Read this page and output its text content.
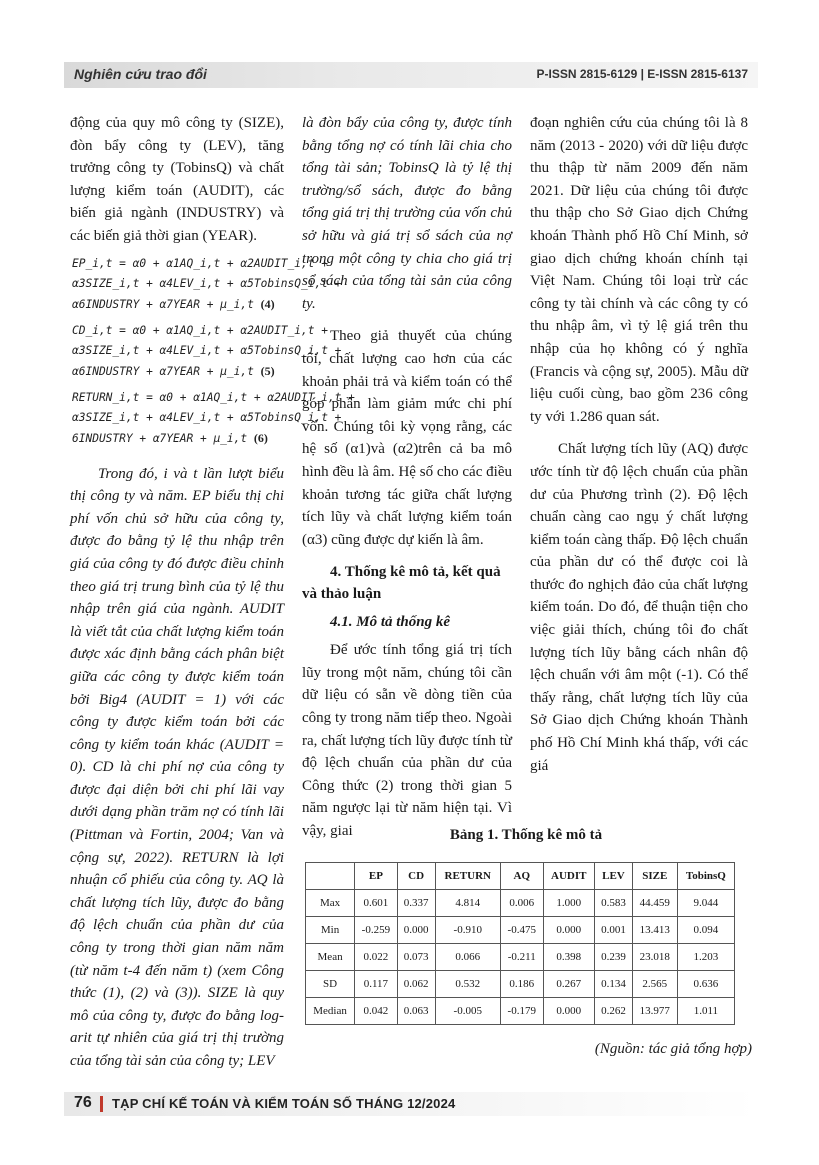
Nghiên cứu trao đổi	P-ISSN 2815-6129 | E-ISSN 2815-6137

động của quy mô công ty (SIZE), đòn bẩy công ty (LEV), tăng trưởng công ty (TobinsQ) và chất lượng kiểm toán (AUDIT), các biến giả ngành (INDUSTRY) và các biến giả thời gian (YEAR).

EP_i,t = α0 + α1AQ_i,t + α2AUDIT_i,t +
α3SIZE_i,t + α4LEV_i,t + α5TobinsQ_i,t +
α6INDUSTRY + α7YEAR + μ_i,t (4)
CD_i,t = α0 + α1AQ_i,t + α2AUDIT_i,t +
α3SIZE_i,t + α4LEV_i,t + α5TobinsQ_i,t +
α6INDUSTRY + α7YEAR + μ_i,t (5)
RETURN_i,t = α0 + α1AQ_i,t + α2AUDIT_i,t +
α3SIZE_i,t + α4LEV_i,t + α5TobinsQ_i,t +
6INDUSTRY + α7YEAR + μ_i,t (6)

Trong đó, i và t lần lượt biểu thị công ty và năm. EP biểu thị chi phí vốn chủ sở hữu của công ty, được đo bằng tỷ lệ thu nhập trên giá của công ty đó được điều chỉnh theo giá trị trung bình của tỷ lệ thu nhập trên giá của ngành. AUDIT là viết tắt của chất lượng kiểm toán được xác định bằng cách phân biệt giữa các công ty được kiểm toán bởi Big4 (AUDIT = 1) với các công ty được kiểm toán bởi các công ty kiểm toán khác (AUDIT = 0). CD là chi phí nợ của công ty được đại diện bởi chi phí lãi vay dưới dạng phần trăm nợ có tính lãi (Pittman và Fortin, 2004; Van và cộng sự, 2022). RETURN là lợi nhuận cổ phiếu của công ty. AQ là chất lượng tích lũy, được đo bằng độ lệch chuẩn của phần dư của công ty trong thời gian năm năm (từ năm t-4 đến năm t) (xem Công thức (1), (2) và (3)). SIZE là quy mô của công ty, được đo bằng log-arit tự nhiên của giá trị thị trường của tổng tài sản của công ty; LEV

là đòn bẩy của công ty, được tính bằng tổng nợ có tính lãi chia cho tổng tài sản; TobinsQ là tỷ lệ thị trường/sổ sách, được đo bằng tổng giá trị thị trường của vốn chủ sở hữu và giá trị sổ sách của nợ trong một công ty chia cho giá trị sổ sách của tổng tài sản của công ty.

Theo giả thuyết của chúng tôi, chất lượng cao hơn của các khoản phải trả và kiểm toán có thể góp phần làm giảm mức chi phí vốn. Chúng tôi kỳ vọng rằng, các hệ số (α1)và (α2)trên cả ba mô hình đều là âm. Hệ số cho các điều khoản tương tác giữa chất lượng tích lũy và chất lượng kiểm toán (α3) cũng được dự kiến là âm.

4. Thống kê mô tả, kết quả và thảo luận
4.1. Mô tả thống kê

Để ước tính tổng giá trị tích lũy trong một năm, chúng tôi cần dữ liệu có sẵn về dòng tiền của công ty trong năm tiếp theo. Ngoài ra, chất lượng tích lũy được tính từ độ lệch chuẩn của phần dư của Công thức (2) trong thời gian 5 năm ngược lại từ năm hiện tại. Vì vậy, giai

đoạn nghiên cứu của chúng tôi là 8 năm (2013 - 2020) với dữ liệu được thu thập từ năm 2009 đến năm 2021. Dữ liệu của chúng tôi được thu thập cho Sở Giao dịch Chứng khoán Thành phố Hồ Chí Minh, sở giao dịch chứng khoán chính tại Việt Nam. Chúng tôi loại trừ các công ty tài chính và các công ty có thu nhập âm, vì tỷ lệ giá trên thu nhập của họ không có ý nghĩa (Francis và cộng sự, 2005). Mẫu dữ liệu cuối cùng, bao gồm 236 công ty với 1.286 quan sát.

Chất lượng tích lũy (AQ) được ước tính từ độ lệch chuẩn của phần dư của Phương trình (2). Độ lệch chuẩn càng cao ngụ ý chất lượng kiểm toán càng thấp. Độ lệch chuẩn của phần dư có thể được coi là thước đo nghịch đảo của chất lượng kiểm toán. Do đó, để thuận tiện cho việc giải thích, chúng tôi đo chất lượng tích lũy bằng cách nhân độ lệch chuẩn với âm một (-1). Có thể thấy rằng, chất lượng tích lũy của Sở Giao dịch Chứng khoán Thành phố Hồ Chí Minh khá thấp, với các giá

Bảng 1. Thống kê mô tả
	EP	CD	RETURN	AQ	AUDIT	LEV	SIZE	TobinsQ
Max	0.601	0.337	4.814	0.006	1.000	0.583	44.459	9.044
Min	-0.259	0.000	-0.910	-0.475	0.000	0.001	13.413	0.094
Mean	0.022	0.073	0.066	-0.211	0.398	0.239	23.018	1.203
SD	0.117	0.062	0.532	0.186	0.267	0.134	2.565	0.636
Median	0.042	0.063	-0.005	-0.179	0.000	0.262	13.977	1.011
(Nguồn: tác giả tổng hợp)
76 TẠP CHÍ KẾ TOÁN VÀ KIỂM TOÁN SỐ THÁNG 12/2024
